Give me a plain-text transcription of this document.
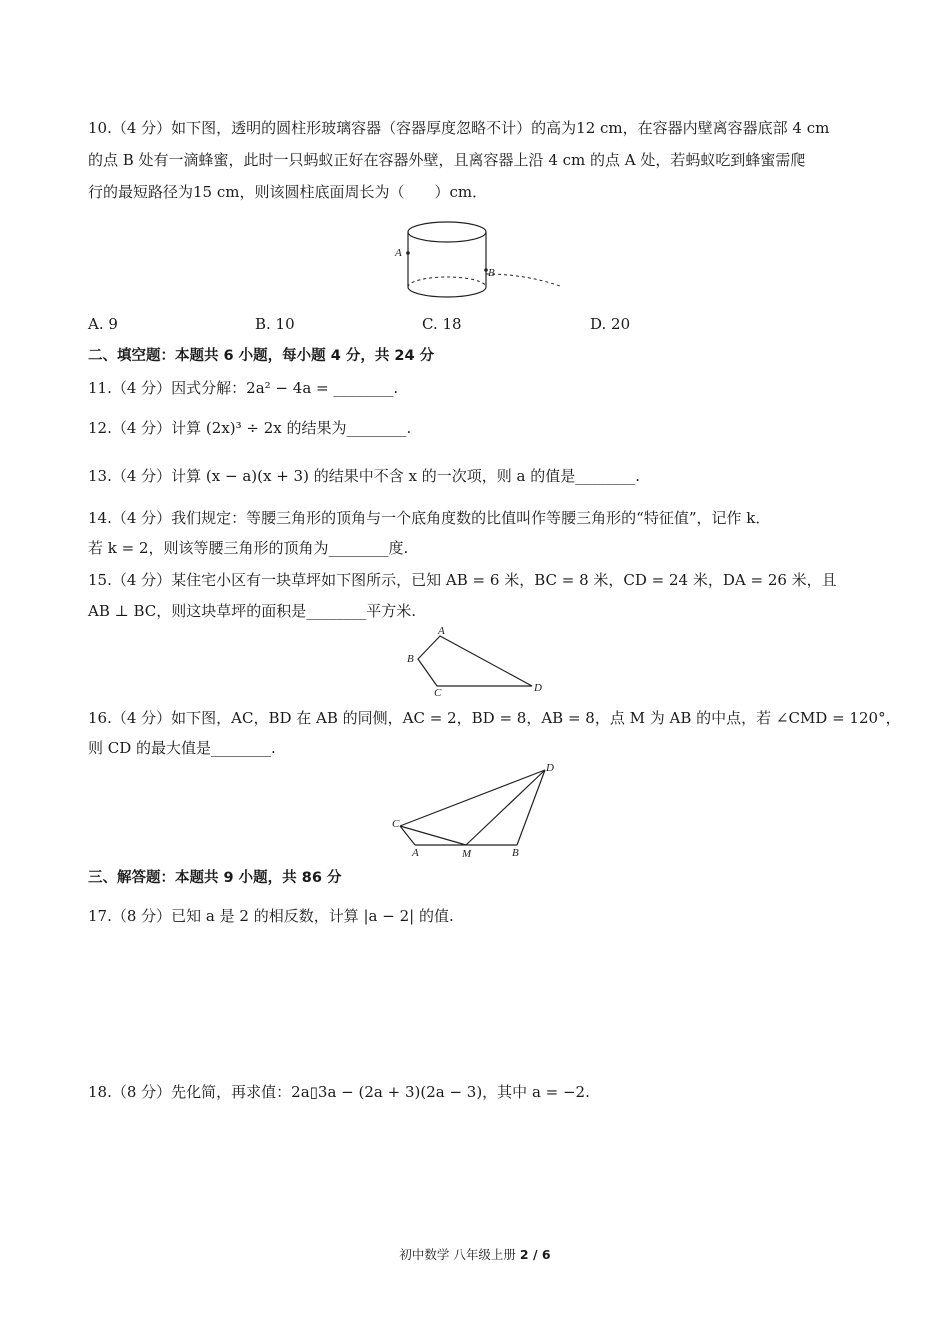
10.（4 分）如下图，透明的圆柱形玻璃容器（容器厚度忽略不计）的高为12 cm，在容器内壁离容器底部 4 cm
的点 B 处有一滴蜂蜜，此时一只蚂蚁正好在容器外壁，且离容器上沿 4 cm 的点 A 处，若蚂蚁吃到蜂蜜需爬
行的最短路径为15 cm，则该圆柱底面周长为（　　）cm．
A
B
A. 9	B. 10	C. 18	D. 20
二、填空题：本题共 6 小题，每小题 4 分，共 24 分
11.（4 分）因式分解：2a² − 4a = ________.
12.（4 分）计算 (2x)³ ÷ 2x 的结果为________.
13.（4 分）计算 (x − a)(x + 3) 的结果中不含 x 的一次项，则 a 的值是________.
14.（4 分）我们规定：等腰三角形的顶角与一个底角度数的比值叫作等腰三角形的“特征值”，记作 k．
若 k = 2，则该等腰三角形的顶角为________度.
15.（4 分）某住宅小区有一块草坪如下图所示，已知 AB = 6 米，BC = 8 米，CD = 24 米，DA = 26 米，且
AB ⊥ BC，则这块草坪的面积是________平方米.
A
B
C	D
16.（4 分）如下图，AC，BD 在 AB 的同侧，AC = 2，BD = 8，AB = 8，点 M 为 AB 的中点，若 ∠CMD = 120°，
则 CD 的最大值是________.
A	B
C
D
M
三、解答题：本题共 9 小题，共 86 分
17.（8 分）已知 a 是 2 的相反数，计算 |a − 2| 的值.
18.（8 分）先化简，再求值：2a▯3a − (2a + 3)(2a − 3)，其中 a = −2.
初中数学 八年级上册 2 / 6
